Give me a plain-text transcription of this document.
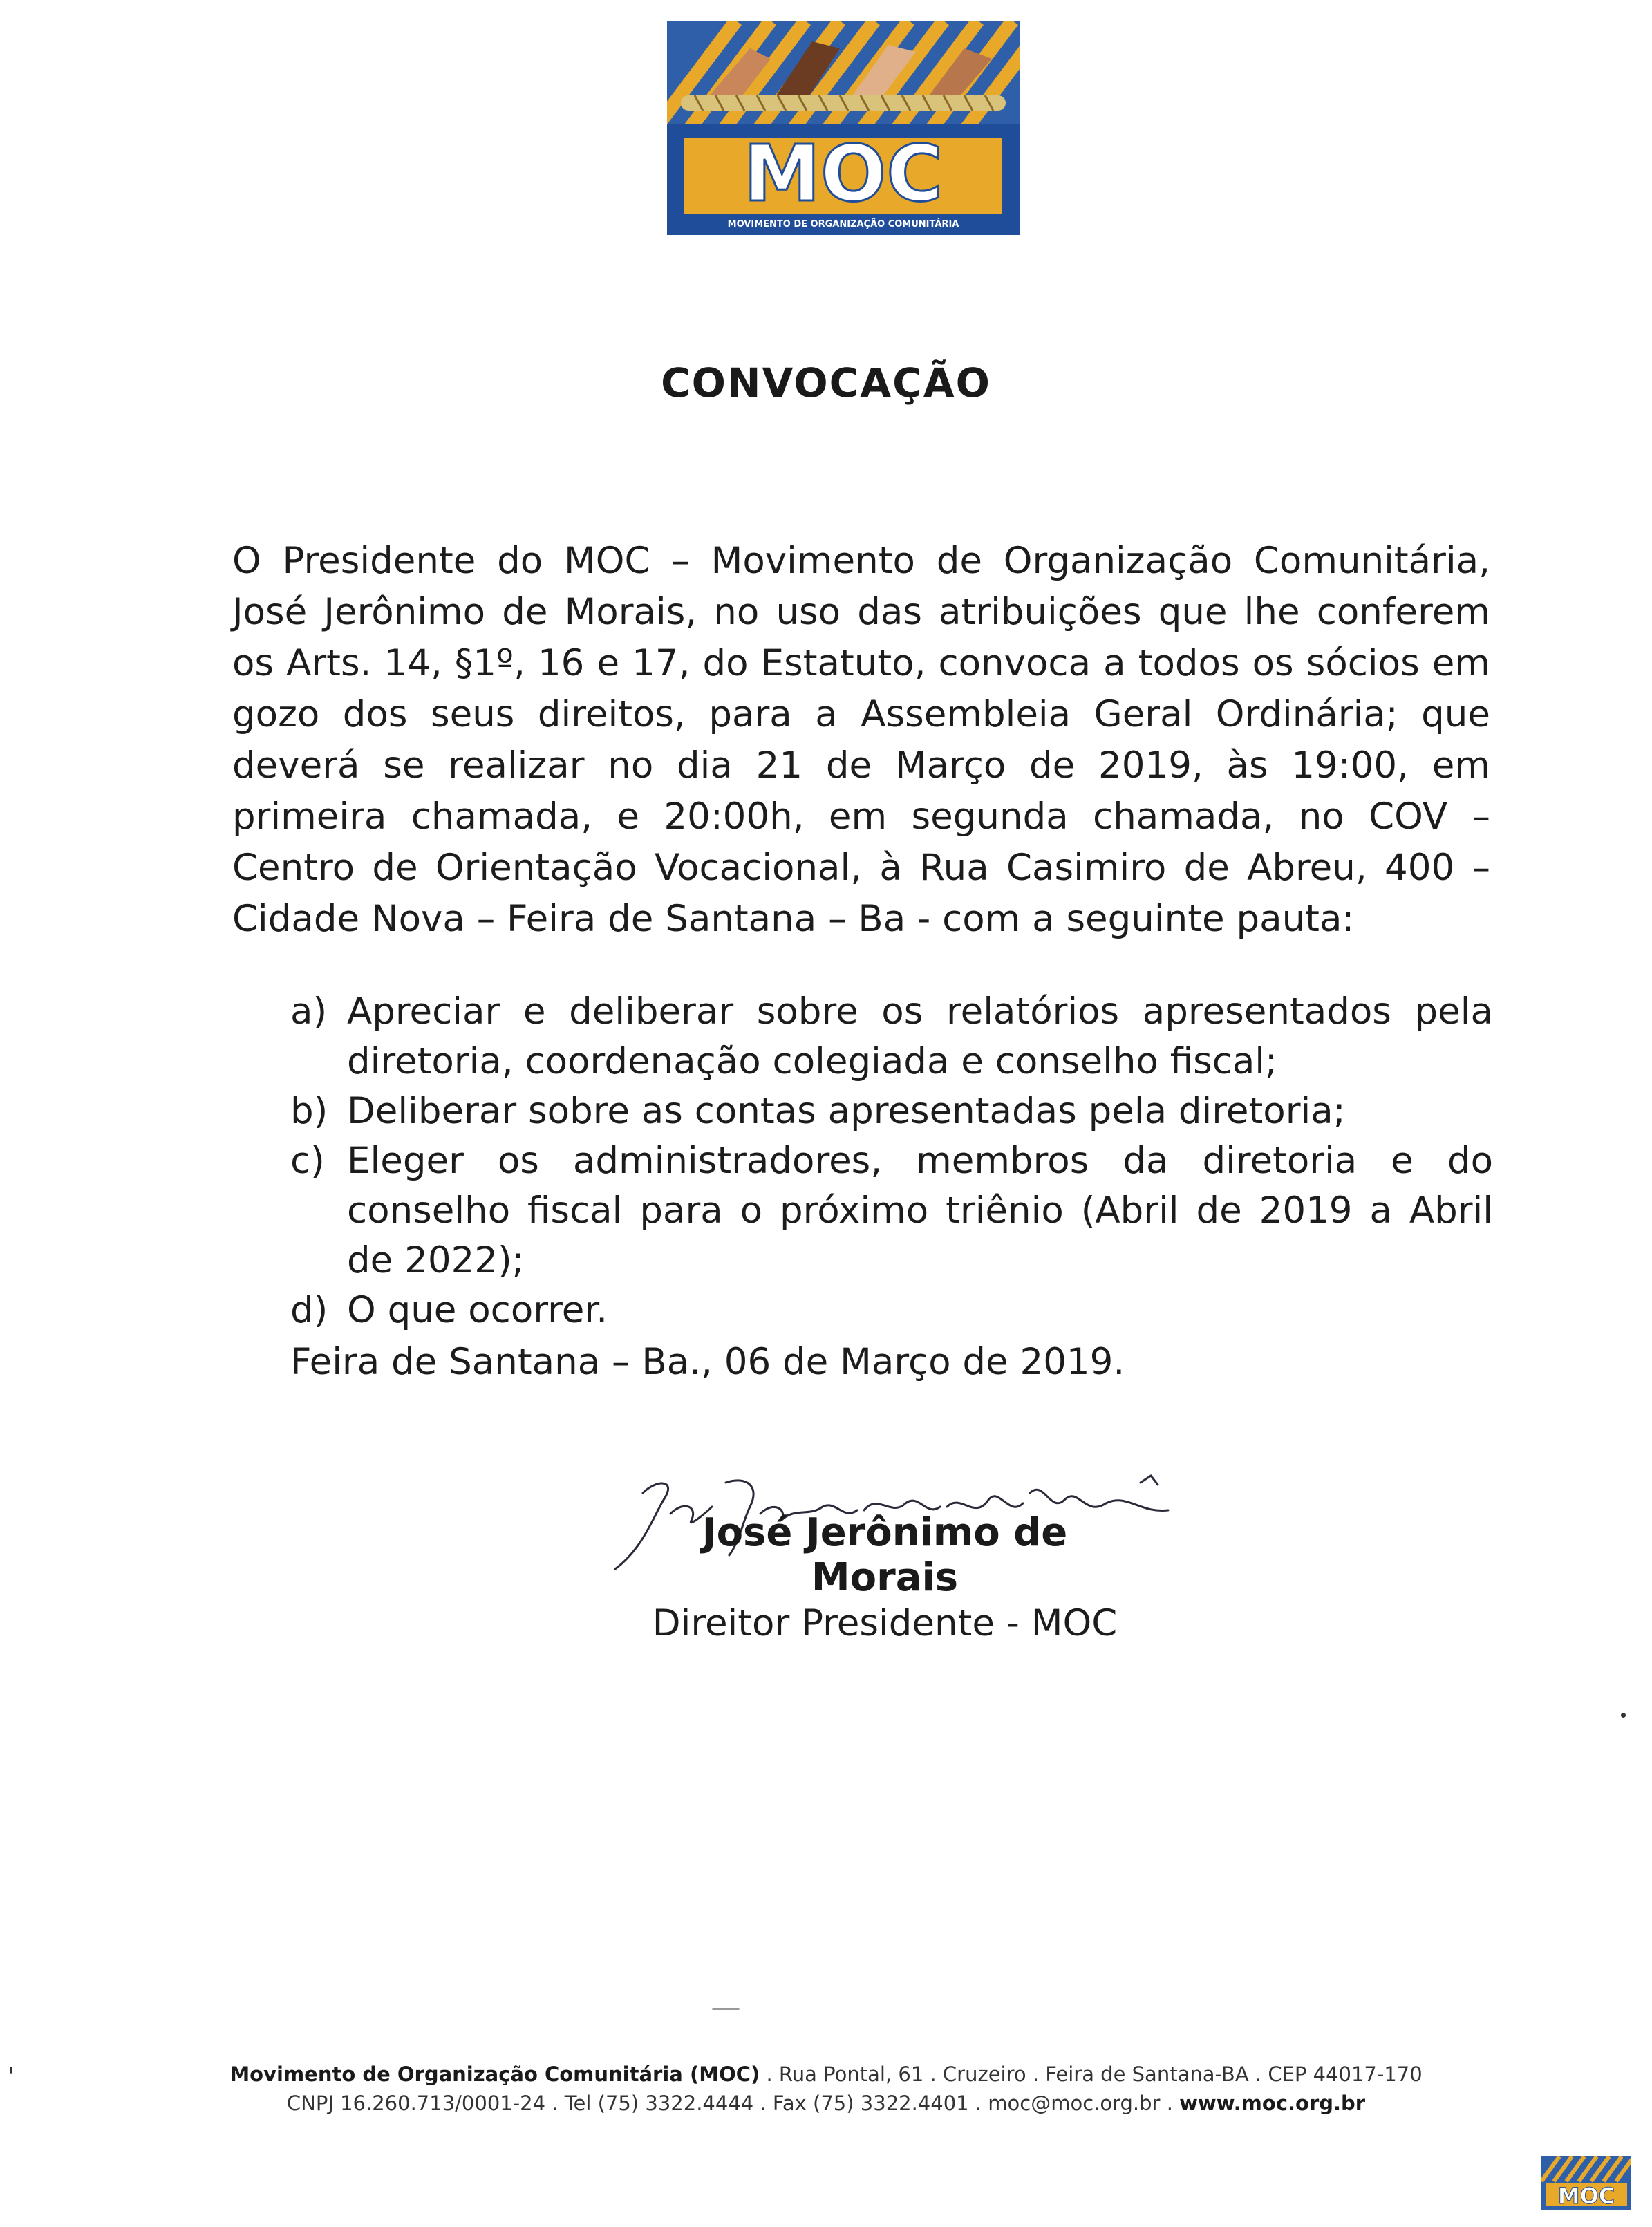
MOC
MOVIMENTO DE ORGANIZAÇÃO COMUNITÁRIA
CONVOCAÇÃO
O Presidente do MOC – Movimento de Organização Comunitária, José Jerônimo de Morais, no uso das atribuições que lhe conferem os Arts. 14, §1º, 16 e 17, do Estatuto, convoca a todos os sócios em gozo dos seus direitos, para a Assembleia Geral Ordinária; que deverá se realizar no dia 21 de Março de 2019, às 19:00, em primeira chamada, e 20:00h, em segunda chamada, no COV – Centro de Orientação Vocacional, à Rua Casimiro de Abreu, 400 – Cidade Nova – Feira de Santana – Ba - com a seguinte pauta:
a) Apreciar e deliberar sobre os relatórios apresentados pela diretoria, coordenação colegiada e conselho fiscal;
b) Deliberar sobre as contas apresentadas pela diretoria;
c) Eleger os administradores, membros da diretoria e do conselho fiscal para o próximo triênio (Abril de 2019 a Abril de 2022);
d) O que ocorrer.
Feira de Santana – Ba., 06 de Março de 2019.
José Jerônimo de Morais
Direitor Presidente - MOC
Movimento de Organização Comunitária (MOC) . Rua Pontal, 61 . Cruzeiro . Feira de Santana-BA . CEP 44017-170
CNPJ 16.260.713/0001-24 . Tel (75) 3322.4444 . Fax (75) 3322.4401 . moc@moc.org.br . www.moc.org.br
MOC
